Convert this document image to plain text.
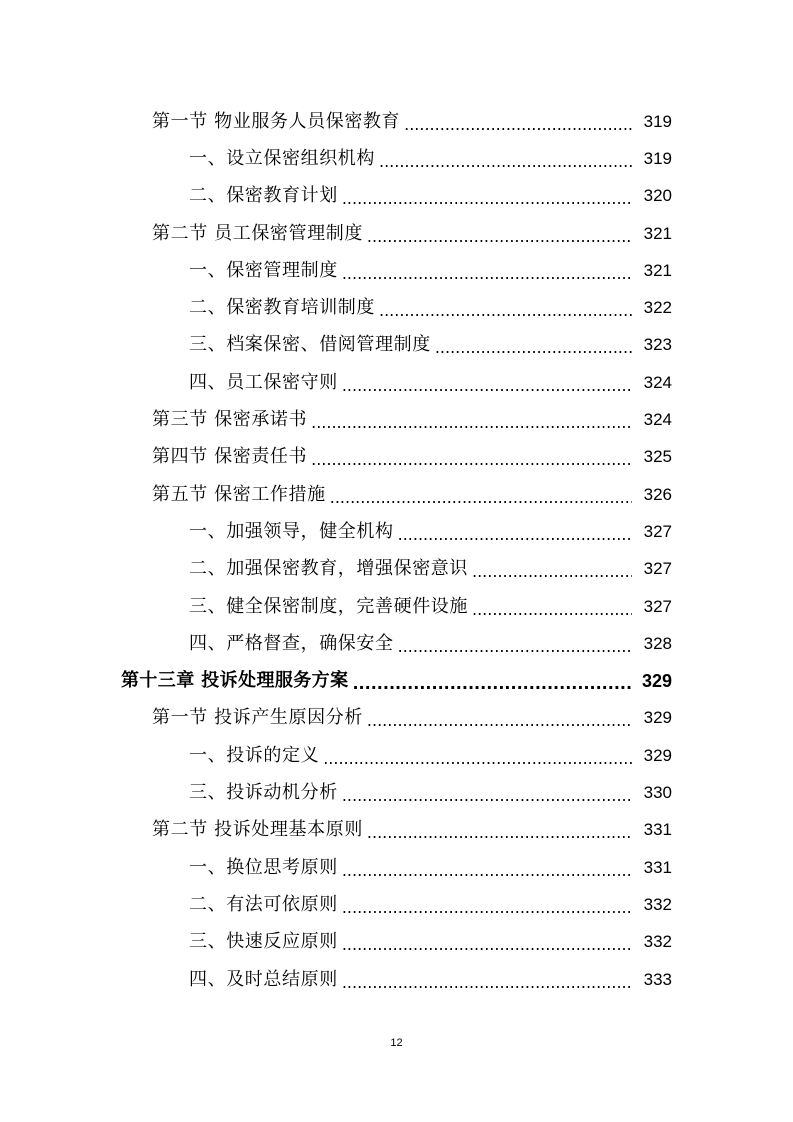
第一节 物业服务人员保密教育 .....	319
一、设立保密组织机构 .....	319
二、保密教育计划 .....	320
第二节 员工保密管理制度 .....	321
一、保密管理制度 .....	321
二、保密教育培训制度 .....	322
三、档案保密、借阅管理制度 .....	323
四、员工保密守则 .....	324
第三节 保密承诺书 .....	324
第四节 保密责任书 .....	325
第五节 保密工作措施 .....	326
一、加强领导，健全机构 .....	327
二、加强保密教育，增强保密意识 .....	327
三、健全保密制度，完善硬件设施 .....	327
四、严格督查，确保安全 .....	328
第十三章 投诉处理服务方案 .....	329
第一节 投诉产生原因分析 .....	329
一、投诉的定义 .....	329
三、投诉动机分析 .....	330
第二节 投诉处理基本原则 .....	331
一、换位思考原则 .....	331
二、有法可依原则 .....	332
三、快速反应原则 .....	332
四、及时总结原则 .....	333
12
